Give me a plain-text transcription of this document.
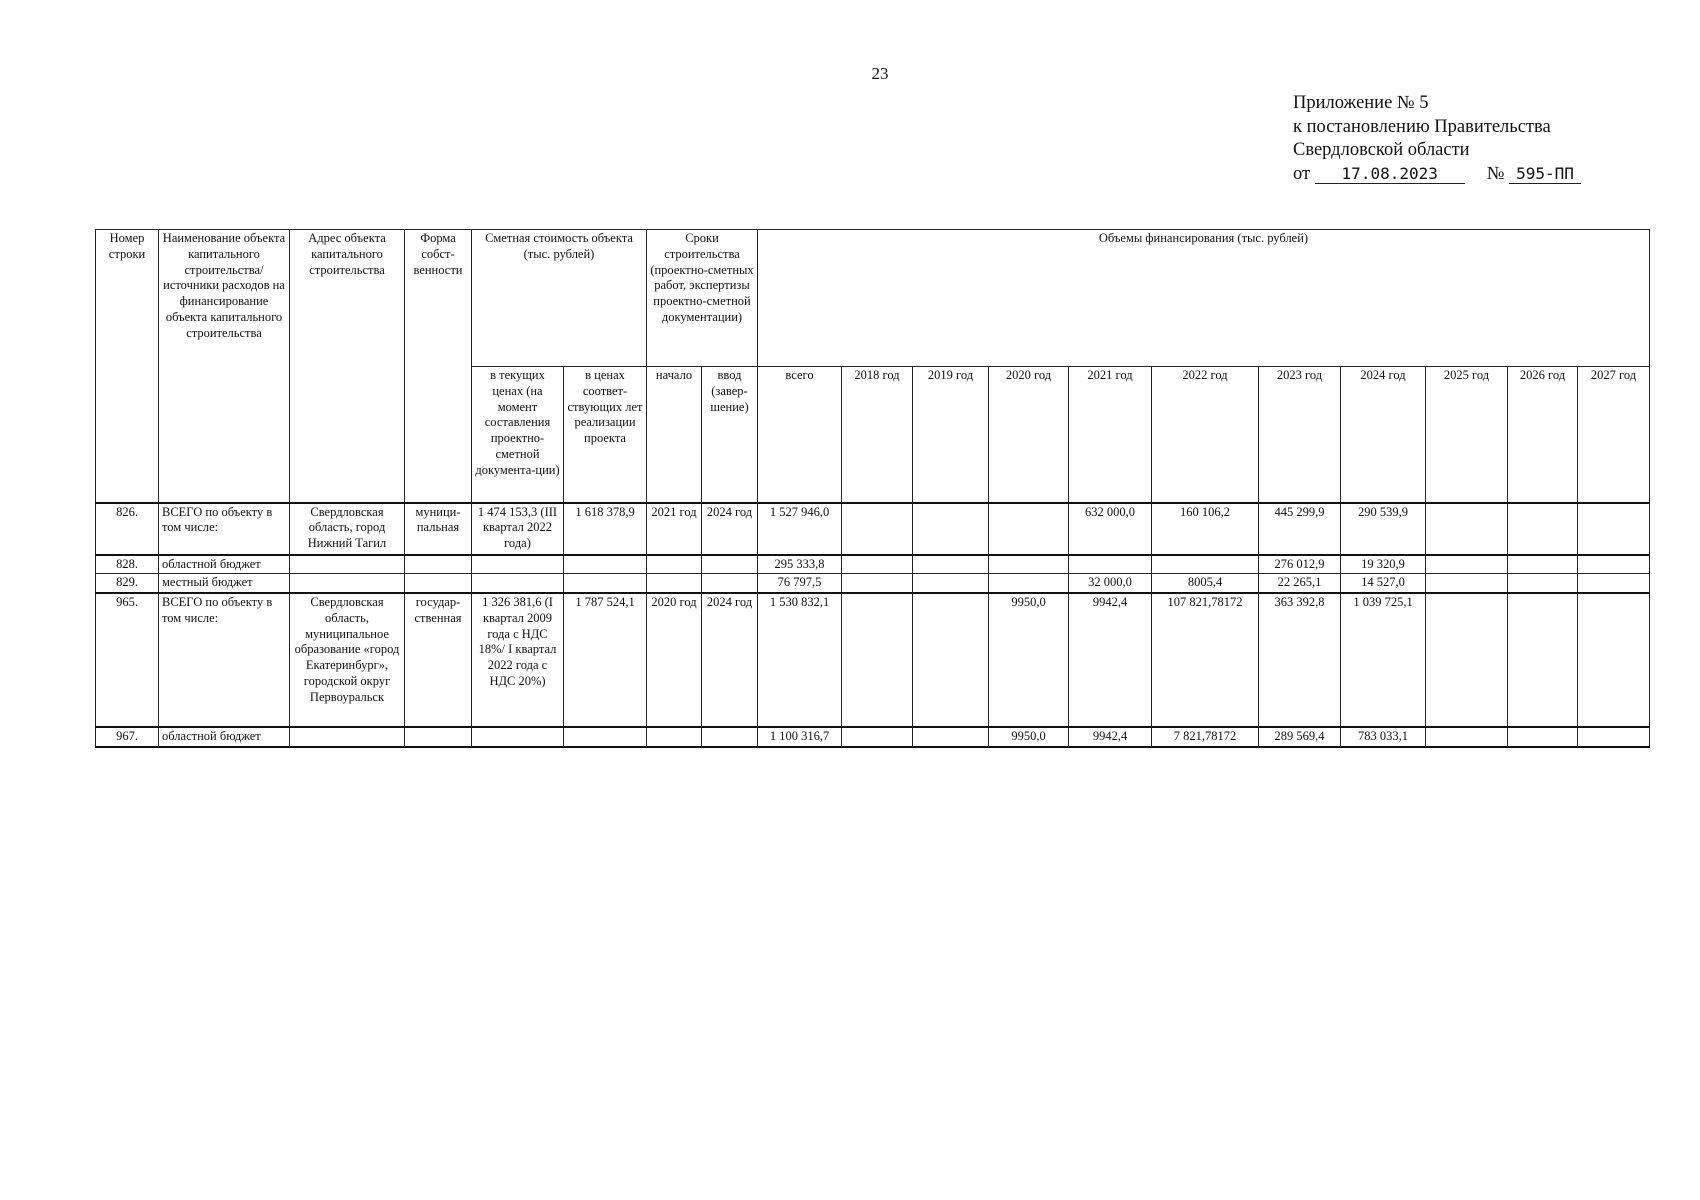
23
Приложение № 5
к постановлению Правительства
Свердловской области
от 17.08.2023	№ 595-ПП
Номер строки	Наименование объекта капитального строительства/ источники расходов на финансирование объекта капитального строительства	Адрес объекта капитального строительства	Форма собст-венности	Сметная стоимость объекта (тыс. рублей)		Сроки строительства (проектно-сметных работ, экспертизы проектно-сметной документации)		Объемы финансирования (тыс. рублей)										
				в текущих ценах (на момент составления проектно-сметной документа-ции)	в ценах соответ-ствующих лет реализации проекта	начало	ввод (завер-шение)	всего	2018 год	2019 год	2020 год	2021 год	2022 год	2023 год	2024 год	2025 год	2026 год	2027 год
826.	ВСЕГО по объекту в том числе:	Свердловская область, город Нижний Тагил	муници-пальная	1 474 153,3 (III квартал 2022 года)	1 618 378,9	2021 год	2024 год	1 527 946,0				632 000,0	160 106,2	445 299,9	290 539,9			
828.	областной бюджет							295 333,8						276 012,9	19 320,9			
829.	местный бюджет							76 797,5				32 000,0	8005,4	22 265,1	14 527,0			
965.	ВСЕГО по объекту в том числе:	Свердловская область, муниципальное образование «город Екатеринбург», городской округ Первоуральск	государ-ственная	1 326 381,6 (I квартал 2009 года с НДС 18%/ I квартал 2022 года с НДС 20%)	1 787 524,1	2020 год	2024 год	1 530 832,1			9950,0	9942,4	107 821,78172	363 392,8	1 039 725,1			
967.	областной бюджет							1 100 316,7			9950,0	9942,4	7 821,78172	289 569,4	783 033,1			
